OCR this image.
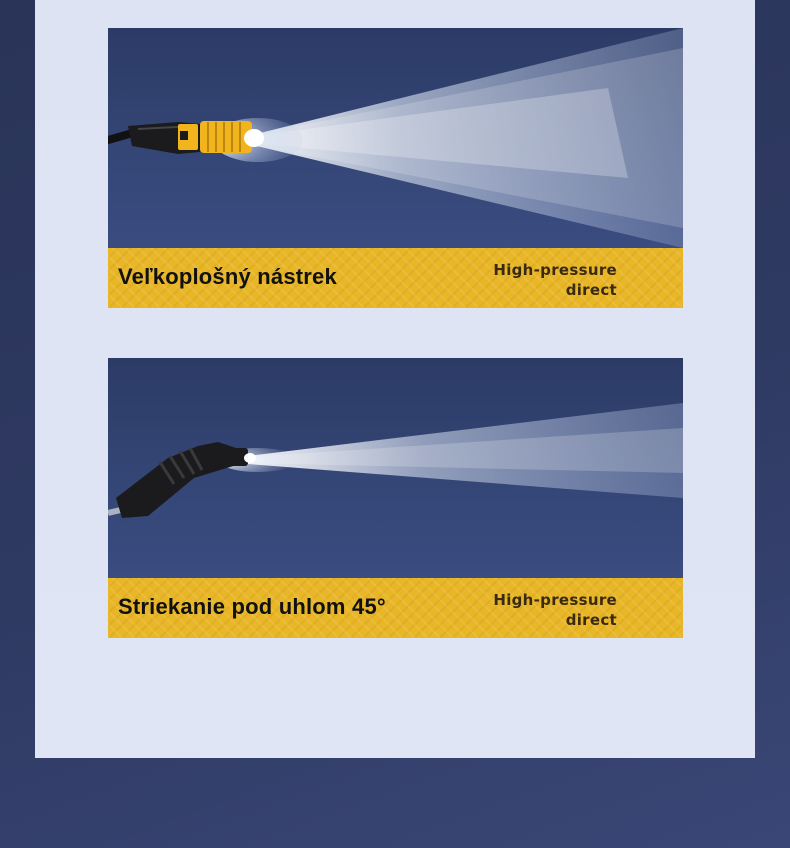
Veľkoplošný nástrek	High-pressure
direct
Striekanie pod uhlom 45°	High-pressure
direct
